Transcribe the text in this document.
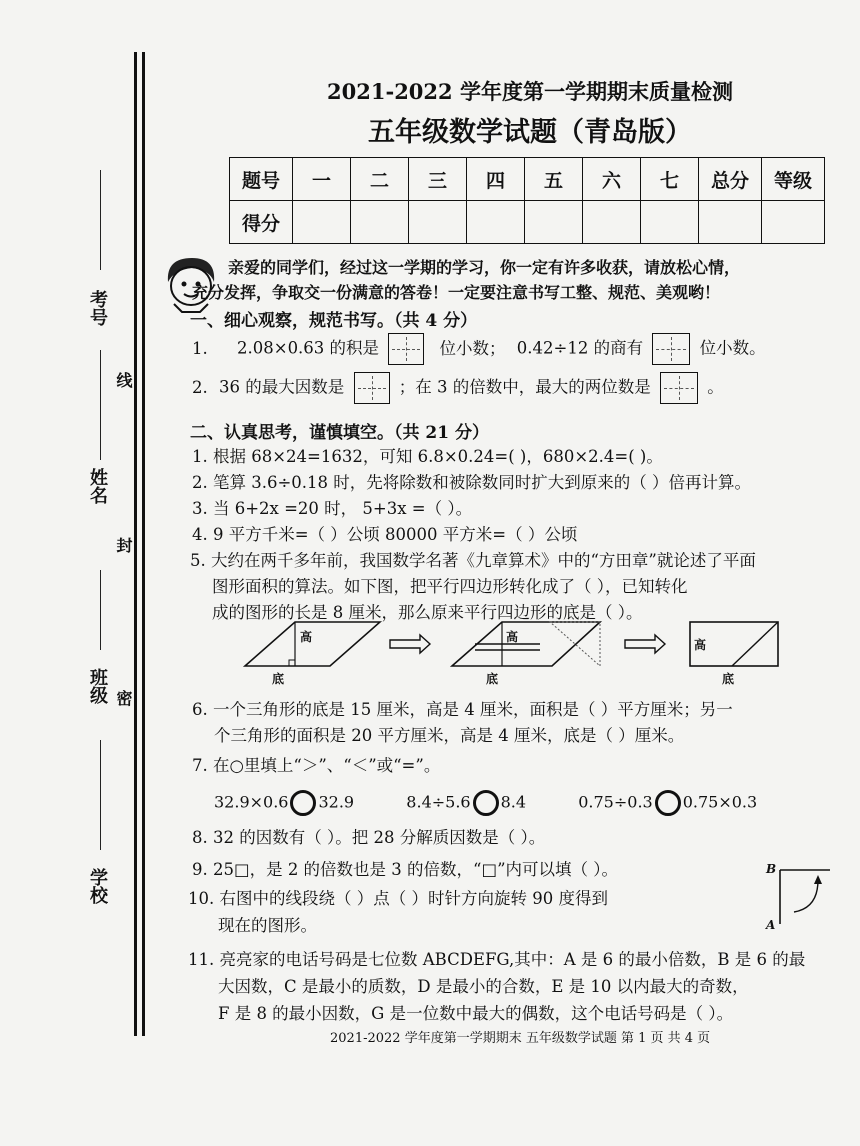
考号
线
姓名
封
班级 密
学校
2021-2022 学年度第一学期期末质量检测
五年级数学试题（青岛版）
题号	一	二	三	四	五	六	七	总分	等级
得分									
亲爱的同学们，经过这一学期的学习，你一定有许多收获，请放松心情，
充分发挥，争取交一份满意的答卷！一定要注意书写工整、规范、美观哟！
一、细心观察，规范书写。（共 4 分）
1. 2.08×0.63 的积是	位小数； 0.42÷12 的商有	位小数。
2. 36 的最大因数是	；在 3 的倍数中，最大的两位数是	。
二、认真思考，谨慎填空。（共 21 分）
1. 根据 68×24=1632，可知 6.8×0.24=( )，680×2.4=( )。
2. 笔算 3.6÷0.18 时，先将除数和被除数同时扩大到原来的（ ）倍再计算。
3. 当 6+2x =20 时， 5+3x =（ ）。
4. 9 平方千米=（ ）公顷 80000 平方米=（ ）公顷
5. 大约在两千多年前，我国数学名著《九章算术》中的“方田章”就论述了平面
图形面积的算法。如下图，把平行四边形转化成了（ ），已知转化
成的图形的长是 8 厘米，那么原来平行四边形的底是（ ）。
高
底
高
底
高
底
6. 一个三角形的底是 15 厘米，高是 4 厘米，面积是（ ）平方厘米；另一
个三角形的面积是 20 平方厘米，高是 4 厘米，底是（ ）厘米。
7. 在○里填上“＞”、“＜”或“=”。
32.9×0.6 32.9	8.4÷5.6 8.4	0.75÷0.3 0.75×0.3
8. 32 的因数有（ ）。把 28 分解质因数是（ ）。
9. 25□，是 2 的倍数也是 3 的倍数，“□”内可以填（ ）。
10. 右图中的线段绕（ ）点（ ）时针方向旋转 90 度得到
现在的图形。
B
A
11. 亮亮家的电话号码是七位数 ABCDEFG,其中：A 是 6 的最小倍数，B 是 6 的最
大因数，C 是最小的质数，D 是最小的合数，E 是 10 以内最大的奇数，
F 是 8 的最小因数，G 是一位数中最大的偶数，这个电话号码是（ ）。
2021-2022 学年度第一学期期末 五年级数学试题 第 1 页 共 4 页
